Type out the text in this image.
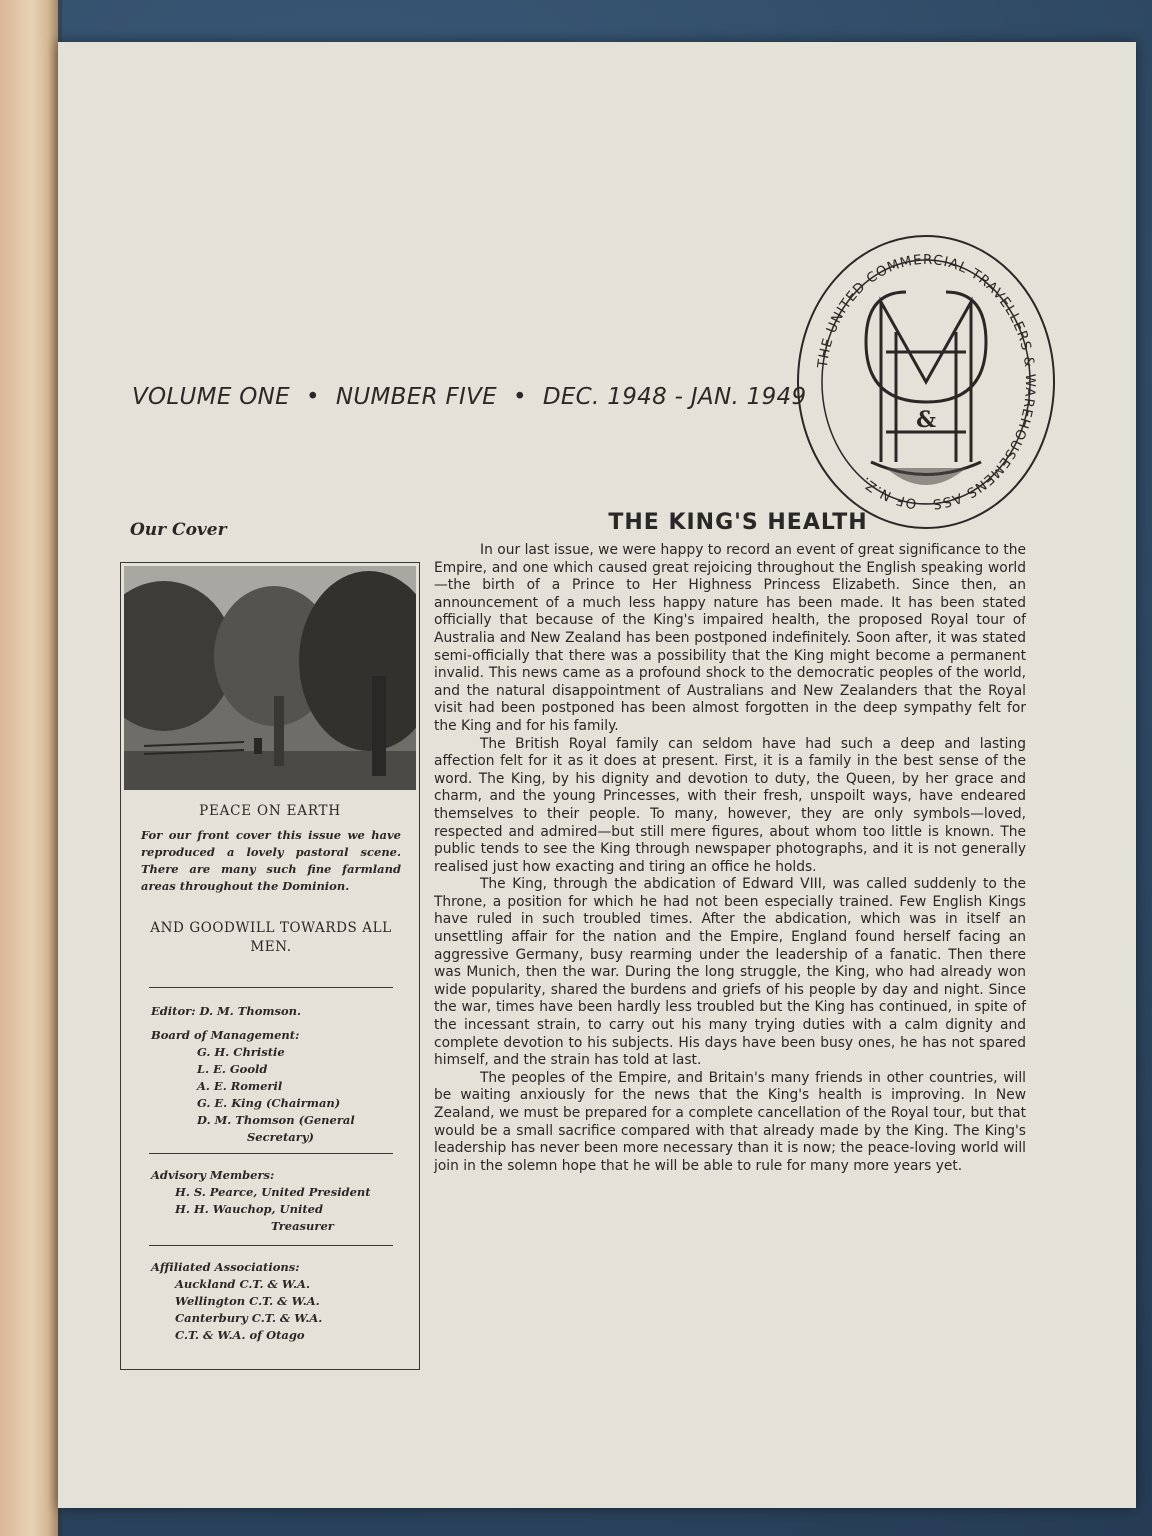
VOLUME ONE • NUMBER FIVE • DEC. 1948 - JAN. 1949
THE UNITED COMMERCIAL TRAVELLERS & WAREHOUSEMENS ASS—OF N.Z.
&
Our Cover
PEACE ON EARTH
For our front cover this issue we have reproduced a lovely pastoral scene. There are many such fine farmland areas throughout the Dominion.
AND GOODWILL TOWARDS ALL MEN.
Editor: D. M. Thomson.
Board of Management:
G. H. Christie
L. E. Goold
A. E. Romeril
G. E. King (Chairman)
D. M. Thomson (General
Secretary)
Advisory Members:
H. S. Pearce, United President
H. H. Wauchop, United
Treasurer
Affiliated Associations:
Auckland C.T. & W.A.
Wellington C.T. & W.A.
Canterbury C.T. & W.A.
C.T. & W.A. of Otago
THE KING'S HEALTH

In our last issue, we were happy to record an event of great significance to the Empire, and one which caused great rejoicing throughout the English speaking world—the birth of a Prince to Her Highness Princess Elizabeth. Since then, an announcement of a much less happy nature has been made. It has been stated officially that because of the King's impaired health, the proposed Royal tour of Australia and New Zealand has been postponed indefinitely. Soon after, it was stated semi-officially that there was a possibility that the King might become a permanent invalid. This news came as a profound shock to the democratic peoples of the world, and the natural disappointment of Australians and New Zealanders that the Royal visit had been postponed has been almost forgotten in the deep sympathy felt for the King and for his family.

The British Royal family can seldom have had such a deep and lasting affection felt for it as it does at present. First, it is a family in the best sense of the word. The King, by his dignity and devotion to duty, the Queen, by her grace and charm, and the young Princesses, with their fresh, unspoilt ways, have endeared themselves to their people. To many, however, they are only symbols—loved, respected and admired—but still mere figures, about whom too little is known. The public tends to see the King through newspaper photographs, and it is not generally realised just how exacting and tiring an office he holds.

The King, through the abdication of Edward VIII, was called suddenly to the Throne, a position for which he had not been especially trained. Few English Kings have ruled in such troubled times. After the abdication, which was in itself an unsettling affair for the nation and the Empire, England found herself facing an aggressive Germany, busy rearming under the leadership of a fanatic. Then there was Munich, then the war. During the long struggle, the King, who had already won wide popularity, shared the burdens and griefs of his people by day and night. Since the war, times have been hardly less troubled but the King has continued, in spite of the incessant strain, to carry out his many trying duties with a calm dignity and complete devotion to his subjects. His days have been busy ones, he has not spared himself, and the strain has told at last.

The peoples of the Empire, and Britain's many friends in other countries, will be waiting anxiously for the news that the King's health is improving. In New Zealand, we must be prepared for a complete cancellation of the Royal tour, but that would be a small sacrifice compared with that already made by the King. The King's leadership has never been more necessary than it is now; the peace-loving world will join in the solemn hope that he will be able to rule for many more years yet.
